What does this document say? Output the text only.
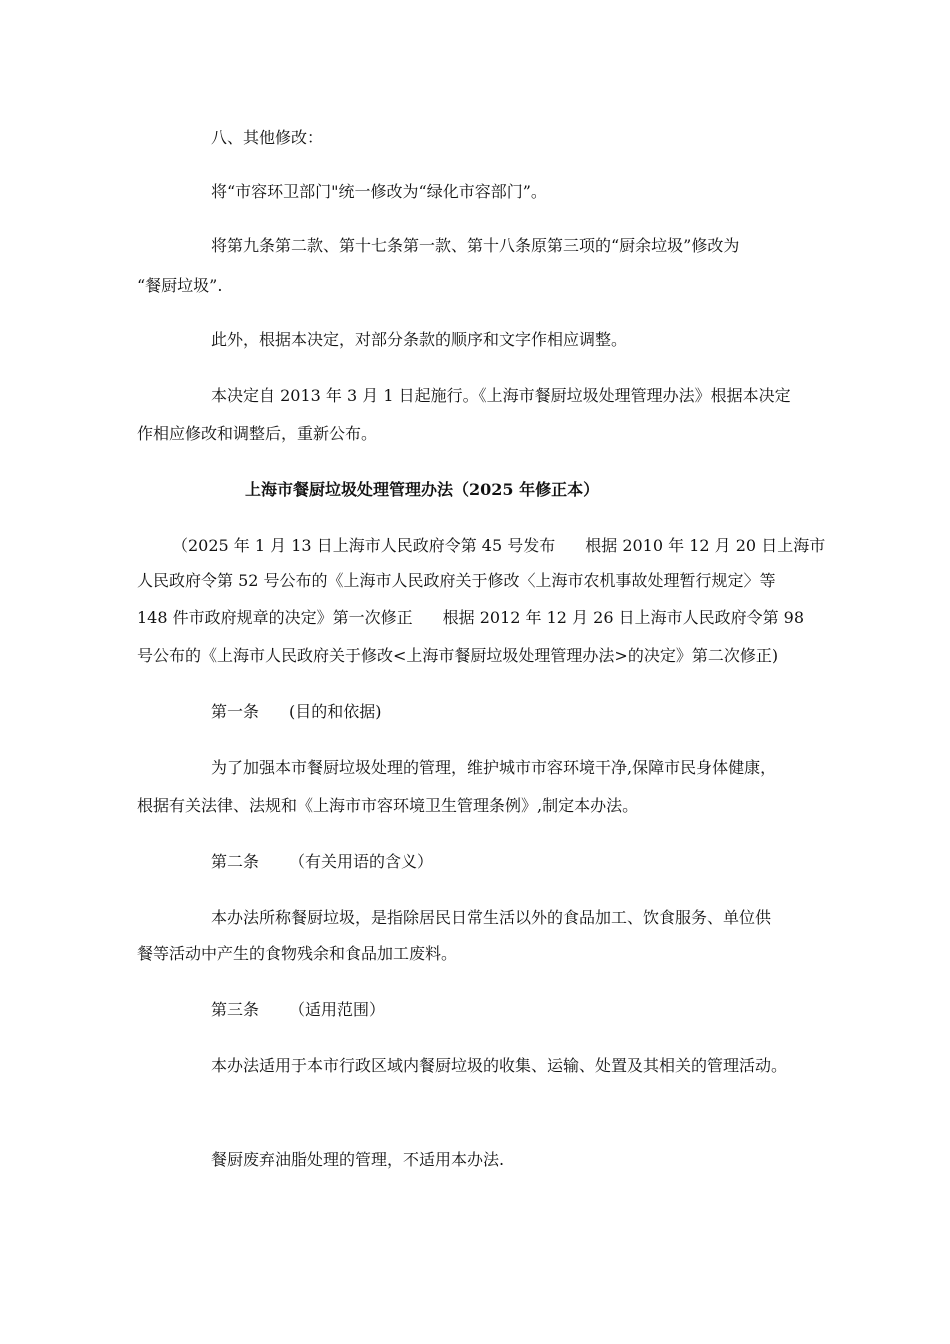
八、其他修改：
将“市容环卫部门"统一修改为“绿化市容部门”。
将第九条第二款、第十七条第一款、第十八条原第三项的“厨余垃圾”修改为
“餐厨垃圾”.
此外，根据本决定，对部分条款的顺序和文字作相应调整。
本决定自 2013 年 3 月 1 日起施行。《上海市餐厨垃圾处理管理办法》根据本决定
作相应修改和调整后，重新公布。
上海市餐厨垃圾处理管理办法（2025 年修正本）
（2025 年 1 月 13 日上海市人民政府令第 45 号发布 根据 2010 年 12 月 20 日上海市
人民政府令第 52 号公布的《上海市人民政府关于修改〈上海市农机事故处理暂行规定〉等
148 件市政府规章的决定》第一次修正 根据 2012 年 12 月 26 日上海市人民政府令第 98
号公布的《上海市人民政府关于修改<上海市餐厨垃圾处理管理办法>的决定》第二次修正)
第一条 (目的和依据)
为了加强本市餐厨垃圾处理的管理，维护城市市容环境干净,保障市民身体健康，
根据有关法律、法规和《上海市市容环境卫生管理条例》,制定本办法。
第二条 （有关用语的含义）
本办法所称餐厨垃圾，是指除居民日常生活以外的食品加工、饮食服务、单位供
餐等活动中产生的食物残余和食品加工废料。
第三条 （适用范围）
本办法适用于本市行政区域内餐厨垃圾的收集、运输、处置及其相关的管理活动。
餐厨废弃油脂处理的管理，不适用本办法.
